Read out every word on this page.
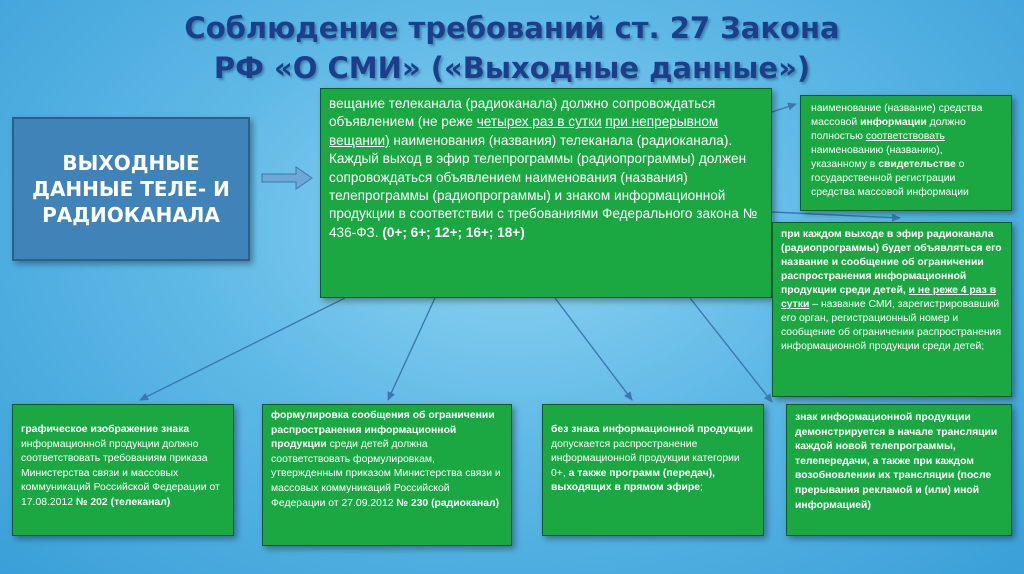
Соблюдение требований ст. 27 Закона
РФ «О СМИ» («Выходные данные»)
ВЫХОДНЫЕ ДАННЫЕ ТЕЛЕ- И РАДИОКАНАЛА
вещание телеканала (радиоканала) должно сопровождаться объявлением (не реже четырех раз в сутки при непрерывном вещании) наименования (названия) телеканала (радиоканала). Каждый выход в эфир телепрограммы (радиопрограммы) должен сопровождаться объявлением наименования (названия) телепрограммы (радиопрограммы) и знаком информационной продукции в соответствии с требованиями Федерального закона № 436-ФЗ. (0+; 6+; 12+; 16+; 18+)
наименование (название) средства массовой информации должно полностью соответствовать наименованию (названию), указанному в свидетельстве о государственной регистрации средства массовой информации
при каждом выходе в эфир радиоканала (радиопрограммы) будет объявляться его название и сообщение об ограничении распространения информационной продукции среди детей, и не реже 4 раз в сутки – название СМИ, зарегистрировавший его орган, регистрационный номер и сообщение об ограничении распространения информационной продукции среди детей;
графическое изображение знака информационной продукции должно соответствовать требованиям приказа Министерства связи и массовых коммуникаций Российской Федерации от 17.08.2012 № 202 (телеканал)
формулировка сообщения об ограничении распространения информационной продукции среди детей должна соответствовать формулировкам, утвержденным приказом Министерства связи и массовых коммуникаций Российской Федерации от 27.09.2012 № 230 (радиоканал)
без знака информационной продукции допускается распространение информационной продукции категории 0+, а также программ (передач), выходящих в прямом эфире;
знак информационной продукции демонстрируется в начале трансляции каждой новой телепрограммы, телепередачи, а также при каждом возобновлении их трансляции (после прерывания рекламой и (или) иной информацией)
